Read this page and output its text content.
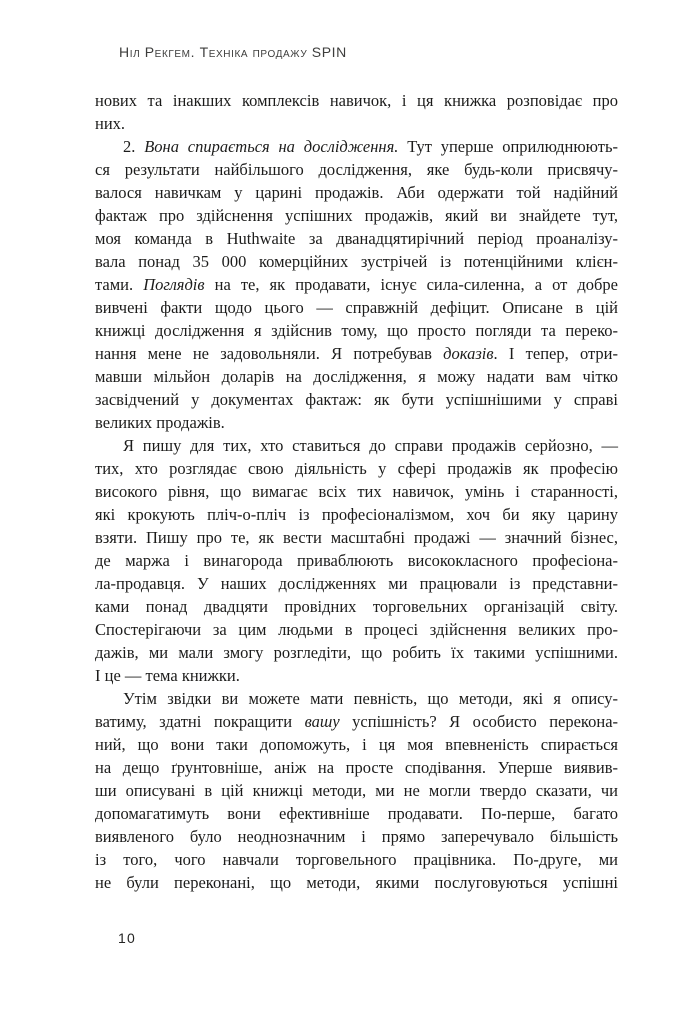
Ніл Рекгем. Техніка продажу SPIN
нових та інакших комплексів навичок, і ця книжка розповідає про
них.
2. Вона спирається на дослідження. Тут уперше оприлюднюють-
ся результати найбільшого дослідження, яке будь-коли присвячу-
валося навичкам у царині продажів. Аби одержати той надійний
фактаж про здійснення успішних продажів, який ви знайдете тут,
моя команда в Huthwaite за дванадцятирічний період проаналізу-
вала понад 35 000 комерційних зустрічей із потенційними клієн-
тами. Поглядів на те, як продавати, існує сила-силенна, а от добре
вивчені факти щодо цього — справжній дефіцит. Описане в цій
книжці дослідження я здійснив тому, що просто погляди та переко-
нання мене не задовольняли. Я потребував доказів. І тепер, отри-
мавши мільйон доларів на дослідження, я можу надати вам чітко
засвідчений у документах фактаж: як бути успішнішими у справі
великих продажів.
Я пишу для тих, хто ставиться до справи продажів серйозно, —
тих, хто розглядає свою діяльність у сфері продажів як професію
високого рівня, що вимагає всіх тих навичок, умінь і старанності,
які крокують пліч-о-пліч із професіоналізмом, хоч би яку царину
взяти. Пишу про те, як вести масштабні продажі — значний бізнес,
де маржа і винагорода приваблюють висококласного професіона-
ла-продавця. У наших дослідженнях ми працювали із представни-
ками понад двадцяти провідних торговельних організацій світу.
Спостерігаючи за цим людьми в процесі здійснення великих про-
дажів, ми мали змогу розгледіти, що робить їх такими успішними.
І це — тема книжки.
Утім звідки ви можете мати певність, що методи, які я опису-
ватиму, здатні покращити вашу успішність? Я особисто перекона-
ний, що вони таки допоможуть, і ця моя впевненість спирається
на дещо ґрунтовніше, аніж на просте сподівання. Уперше виявив-
ши описувані в цій книжці методи, ми не могли твердо сказати, чи
допомагатимуть вони ефективніше продавати. По-перше, багато
виявленого було неоднозначним і прямо заперечувало більшість
із того, чого навчали торговельного працівника. По-друге, ми
не були переконані, що методи, якими послуговуються успішні
10
